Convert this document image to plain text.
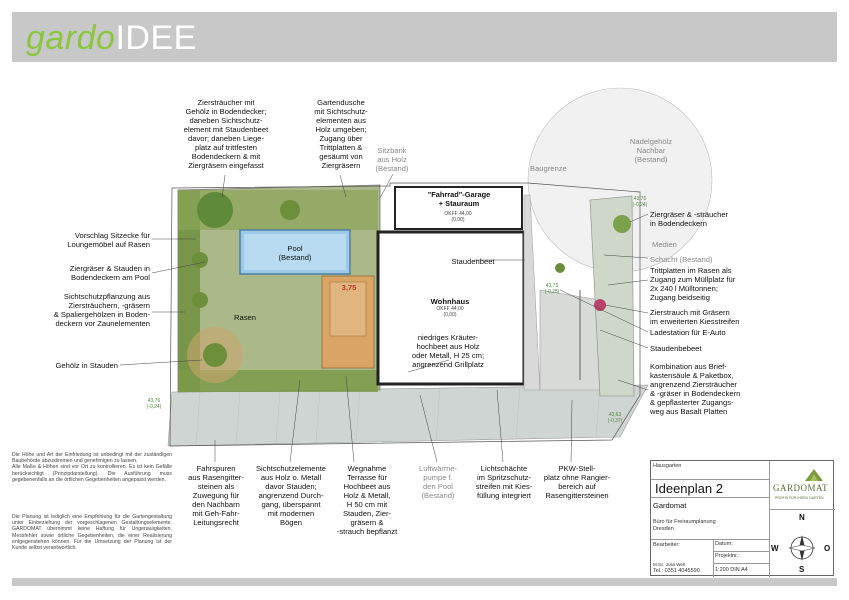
gardoIDEE
Ziersträucher mit
Gehölz in Bodendecker;
daneben Sichtschutz-
element mit Staudenbeet
davor; daneben Liege-
platz auf trittfesten
Bodendeckern & mit
Ziergräsern eingefasst
Gartendusche
mit Sichtschutz-
elementen aus
Holz umgeben;
Zugang über
Trittplatten &
gesäumt von
Ziergräsern
Sitzbank
aus Holz
(Bestand)
Vorschlag Sitzecke für
Loungemöbel auf Rasen
Ziergräser & Stauden in
Bodendeckern am Pool
Sichtschutzpflanzung aus
Ziersträuchern, -gräsern
& Spaliergehölzen in Boden-
deckern vor Zaunelementen
Gehölz in Stauden
"Fahrrad"-Garage
+ Stauraum
OKFF 44,00
(0,00)
Pool
(Bestand)	Staudenbeet
Wohnhaus
OKFF 44,00
(0,00)
Rasen
niedriges Kräuter-
hochbeet aus Holz
oder Metall, H 25 cm;
angrenzend Grillplatz
3,75
43,76
(-0,24)
43,76
(-0,24)
43,75
(-0,25)
43,63
(-0,37)
Baugrenze
Nadelgehölz
Nachbar
(Bestand)
Ziergräser & -sträucher
in Bodendeckern
Medien
Schacht (Bestand)
Trittplatten im Rasen als
Zugang zum Müllplatz für
2x 240 l Mülltonnen;
Zugang beidseitig
Zierstrauch mit Gräsern
im erweiterten Kiesstreifen
Ladestation für E-Auto
Staudenbebeet
Kombination aus Brief-
kastensäule & Paketbox,
angrenzend Ziersträucher
& -gräser in Bodendeckern
& gepflasterter Zugangs-
weg aus Basalt Platten
Fahrspuren
aus Rasengitter-
steinen als
Zuwegung für
den Nachbarn
mit Geh-Fahr-
Leitungsrecht
Sichtschutzelemente
aus Holz o. Metall
davor Stauden;
angrenzend Durch-
gang, überspannt
mit modernen
Bögen
Wegnahme
Terrasse für
Hochbeet aus
Holz & Metall,
H 50 cm mit
Stauden, Zier-
gräsern &
-strauch bepflanzt
Luftwärme-
pumpe f.
den Pool
(Bestand)
Lichtschächte
im Spritzschutz-
streifen mit Kies-
füllung integriert
PKW-Stell-
platz ohne Rangier-
bereich auf
Rasengittersteinen
Die Höhe und Art der Einfriedung ist unbedingt mit der zuständigen Baubehörde abzustimmen und genehmigen zu lassen.
Alle Maße & Höhen sind vor Ort zu kontrollieren. Es ist kein Gefälle berücksichtigt (Prinzipdarstellung). Die Ausführung muss gegebenenfalls an die örtlichen Gegebenheiten angepasst werden.
Die Planung ist lediglich eine Empfehlung für die Gartengestaltung unter Einbeziehung der vorgeschlagenen Gestaltungselemente. GARDOMAT übernimmt keine Haftung für Ungenauigkeiten. Messfehler sowie örtliche Gegebenheiten, die einer Realisierung entgegenstehen können. Für die Umsetzung der Planung ist der Kunde selbst verantwortlich.
Hausgarten
Ideenplan 2
Gardomat
Büro für Freiraumplanung
Dresden
Bearbeiter:
M.Sc. Julia Welt
Tel.: 0351 4045590
Datum:
Projektnr.:
1:200 DIN A4
GARDOMAT
PROFIS FÜR IHREN GARTEN
N
O
S
W
